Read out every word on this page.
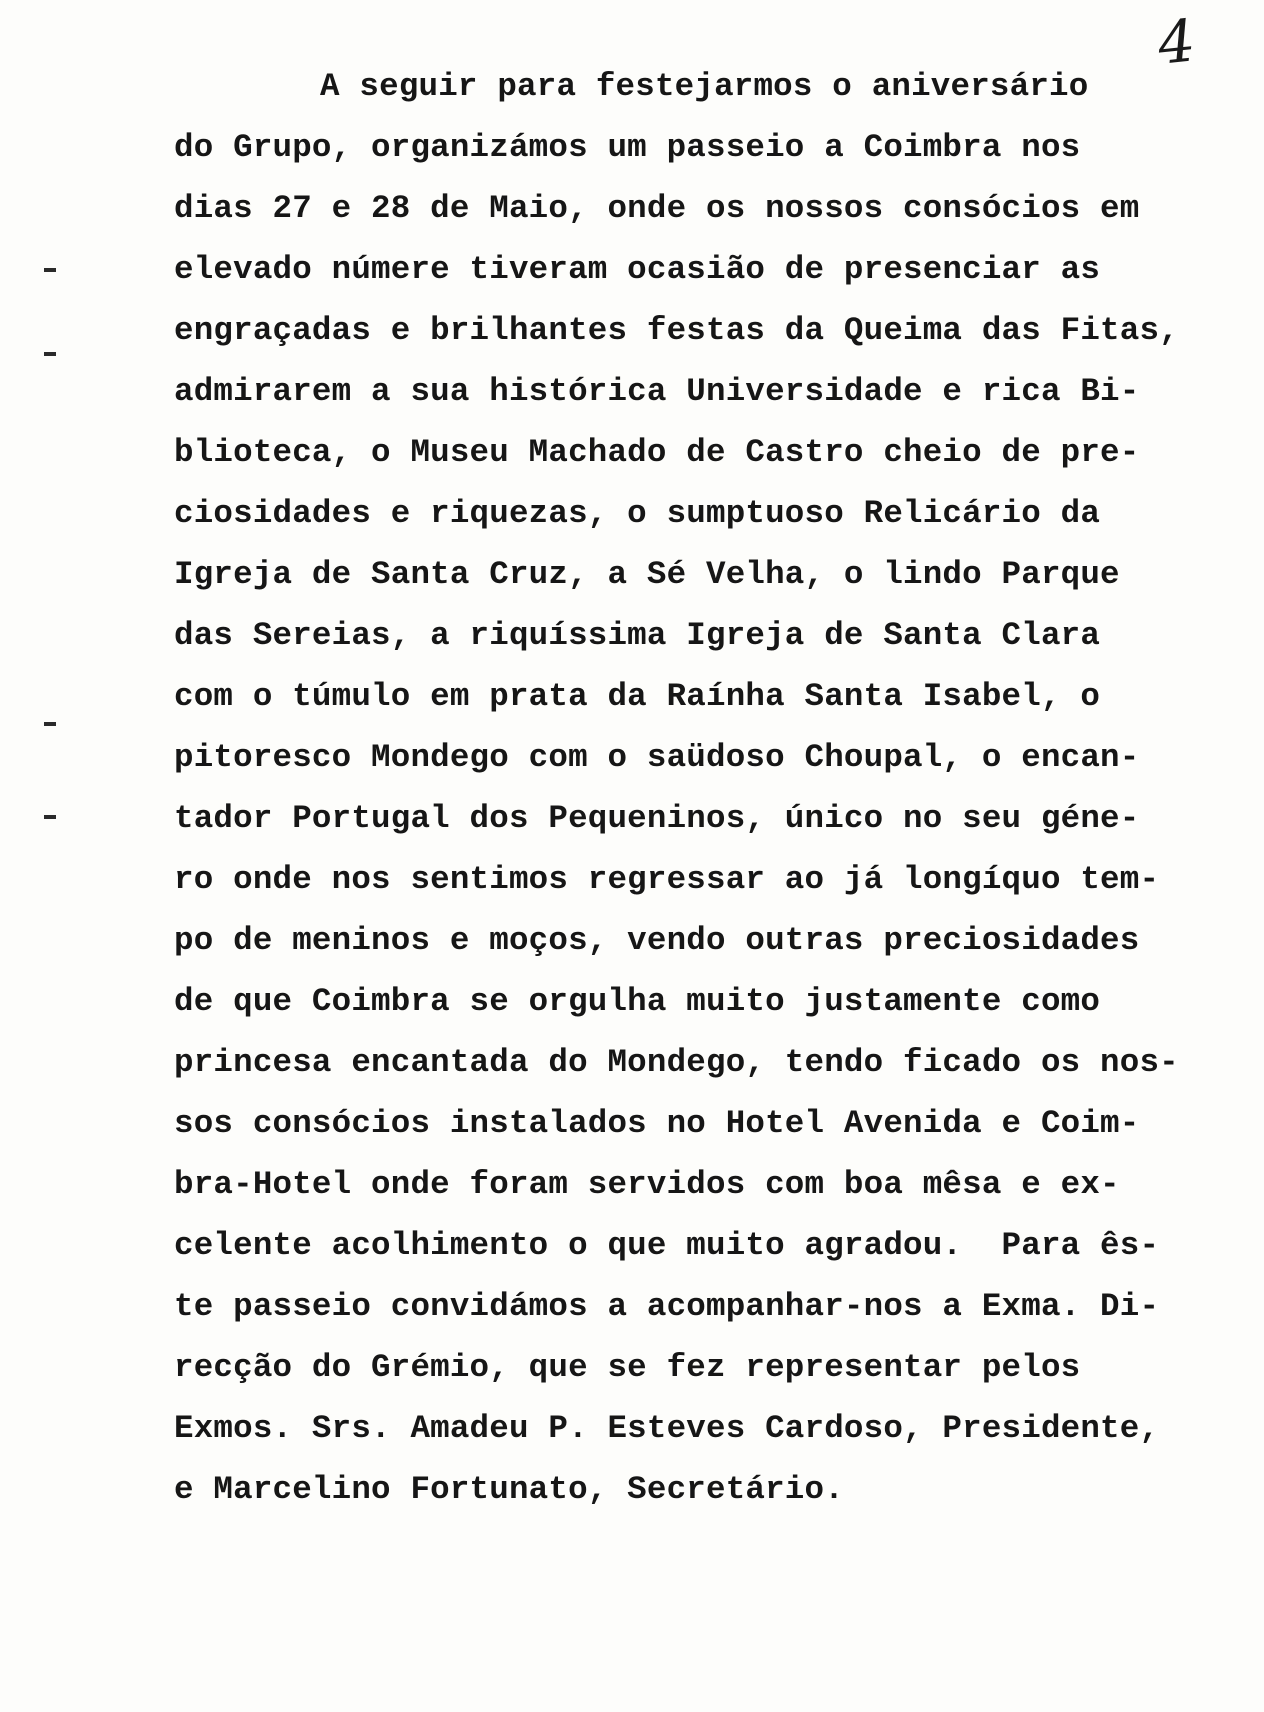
4
A seguir para festejarmos o aniversário
do Grupo, organizámos um passeio a Coimbra nos
dias 27 e 28 de Maio, onde os nossos consócios em
elevado númere tiveram ocasião de presenciar as
engraçadas e brilhantes festas da Queima das Fitas,
admirarem a sua histórica Universidade e rica Bi-
blioteca, o Museu Machado de Castro cheio de pre-
ciosidades e riquezas, o sumptuoso Relicário da
Igreja de Santa Cruz, a Sé Velha, o lindo Parque
das Sereias, a riquíssima Igreja de Santa Clara
com o túmulo em prata da Raínha Santa Isabel, o
pitoresco Mondego com o saüdoso Choupal, o encan-
tador Portugal dos Pequeninos, único no seu géne-
ro onde nos sentimos regressar ao já longíquo tem-
po de meninos e moços, vendo outras preciosidades
de que Coimbra se orgulha muito justamente como
princesa encantada do Mondego, tendo ficado os nos-
sos consócios instalados no Hotel Avenida e Coim-
bra-Hotel onde foram servidos com boa mêsa e ex-
celente acolhimento o que muito agradou.  Para ês-
te passeio convidámos a acompanhar-nos a Exma. Di-
recção do Grémio, que se fez representar pelos
Exmos. Srs. Amadeu P. Esteves Cardoso, Presidente,
e Marcelino Fortunato, Secretário.
